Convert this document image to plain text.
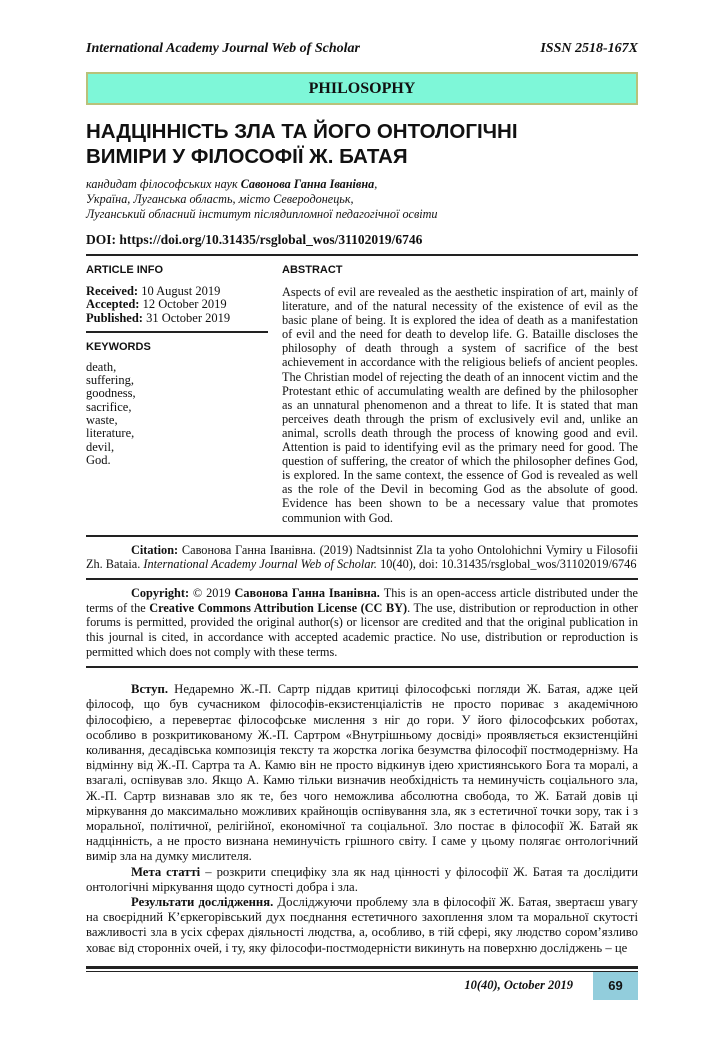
International Academy Journal Web of Scholar	ISSN 2518-167X
PHILOSOPHY
НАДЦІННІСТЬ ЗЛА ТА ЙОГО ОНТОЛОГІЧНІ
ВИМІРИ У ФІЛОСОФІЇ Ж. БАТАЯ
кандидат філософських наук Савонова Ганна Іванівна,
Україна, Луганська область, місто Северодонецьк,
Луганський обласний інститут післядипломної педагогічної освіти
DOI: https://doi.org/10.31435/rsglobal_wos/31102019/6746
ARTICLE INFO
Received: 10 August 2019
Accepted: 12 October 2019
Published: 31 October 2019
KEYWORDS
death,
suffering,
goodness,
sacrifice,
waste,
literature,
devil,
God.
ABSTRACT
Aspects of evil are revealed as the aesthetic inspiration of art, mainly of literature, and of the natural necessity of the existence of evil as the basic plane of being. It is explored the idea of death as a manifestation of evil and the need for death to develop life. G. Bataille discloses the philosophy of death through a system of sacrifice of the best achievement in accordance with the religious beliefs of ancient peoples. The Christian model of rejecting the death of an innocent victim and the Protestant ethic of accumulating wealth are defined by the philosopher as an unnatural phenomenon and a threat to life. It is stated that man perceives death through the prism of exclusively evil and, unlike an animal, scrolls death through the process of knowing good and evil. Attention is paid to identifying evil as the primary need for good. The question of suffering, the creator of which the philosopher defines God, is explored. In the same context, the essence of God is revealed as well as the role of the Devil in becoming God as the absolute of good. Evidence has been shown to be a necessary value that promotes communion with God.
Citation: Савонова Ганна Іванівна. (2019) Nadtsinnist Zla ta yoho Ontolohichni Vymiry u Filosofii Zh. Bataia. International Academy Journal Web of Scholar. 10(40), doi: 10.31435/rsglobal_wos/31102019/6746
Copyright: © 2019 Савонова Ганна Іванівна. This is an open-access article distributed under the terms of the Creative Commons Attribution License (CC BY). The use, distribution or reproduction in other forums is permitted, provided the original author(s) or licensor are credited and that the original publication in this journal is cited, in accordance with accepted academic practice. No use, distribution or reproduction is permitted which does not comply with these terms.

Вступ. Недаремно Ж.-П. Сартр піддав критиці філософські погляди Ж. Батая, адже цей філософ, що був сучасником філософів-екзистенціалістів не просто пориває з академічною філософією, а перевертає філософське мислення з ніг до гори. У його філософських роботах, особливо в розкритикованому Ж.-П. Сартром «Внутрішньому досвіді» проявляється екзистенційні коливання, десадівська композиція тексту та жорстка логіка безумства філософії постмодернізму. На відмінну від Ж.-П. Сартра та А. Камю він не просто відкинув ідею християнського Бога та моралі, а взагалі, оспівував зло. Якщо А. Камю тільки визначив необхідність та неминучість соціального зла, Ж.-П. Сартр визнавав зло як те, без чого неможлива абсолютна свобода, то Ж. Батай довів ці міркування до максимально можливих крайнощів оспівування зла, як з естетичної точки зору, так і з моральної, політичної, релігійної, економічної та соціальної. Зло постає в філософії Ж. Батай як надцінність, а не просто визнана неминучість грішного світу. І саме у цьому полягає онтологічний вимір зла на думку мислителя.

Мета статті – розкрити специфіку зла як над цінності у філософії Ж. Батая та дослідити онтологічні міркування щодо сутності добра і зла.

Результати дослідження. Досліджуючи проблему зла в філософії Ж. Батая, звертаєш увагу на своєрідний К’єркегорівський дух поєднання естетичного захоплення злом та моральної скутості важливості зла в усіх сферах діяльності людства, а, особливо, в тій сфері, яку людство сором’язливо ховає від сторонніх очей, і ту, яку філософи-постмодерністи викинуть на поверхню досліджень – це

10(40), October 2019	69
